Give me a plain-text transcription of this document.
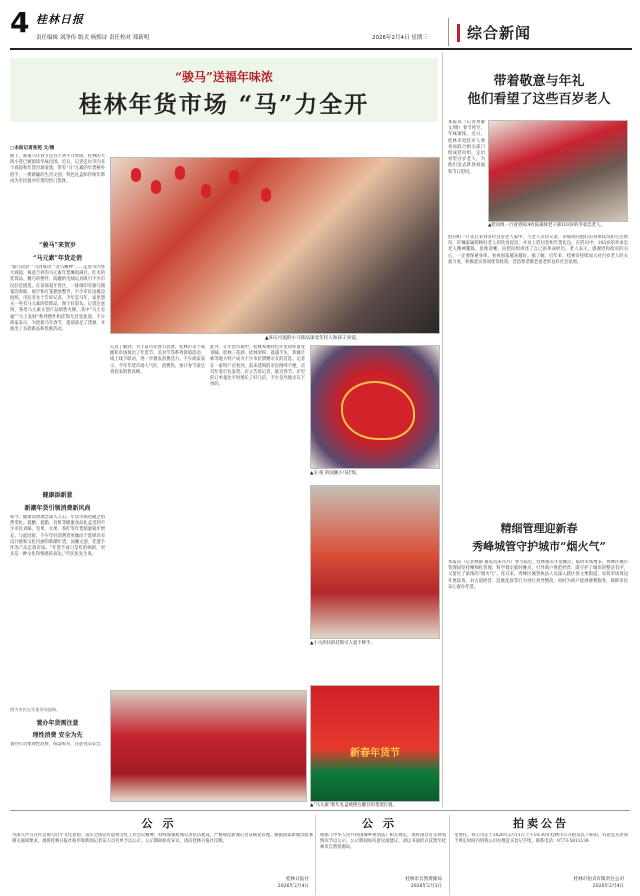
4 桂林日报
责任编辑 刘净传 版式 杨熙诗 责任校对 郑新明	2026年2月4日 星期三	综合新闻
“骏马”送福年味浓
桂林年货市场 “马”力全开
□本报记者张苑 文/摄
眼下，距离马年春节还有不到半月时间，桂林的大街小巷已被浓浓年味包围。近日，记者走访市内多个商超和年货市场发现，带有“马”元素的年货格外抢手，一批新颖的生肖文创、特色礼盒和传统年饰成为市民置办年货的热门选择。
“骏马”来贺岁
“马元素”年货走俏
“骏马贺岁”“马到成功”“龙马精神”……走进市内各大商超，寓意吉祥的马元素年货琳琅满目，红火的装饰品、精巧的摆件、萌趣的毛绒玩具吸引不少市民驻足挑选。在某商超年货区，一排排印有骏马图案的春联、福字和灯笼摆放整齐，不少市民边挑边拍照。市民李女士告诉记者，今年是马年，家里想买一些有马元素的装饰品，图个好彩头。记者注意到，各类马元素文创产品销售火爆，其中“马上有福”“马上发财”系列摆件和挂饰尤其受欢迎。不少商家表示，为迎接马年春节，提前备足了货源，并推出了多款新品和优惠活动。
健康添新意
新潮年货引领消费新风尚
如今，健康消费理念深入人心，年货市场也随之悄然变化。低糖、低脂、有机等健康食品礼盒受到不少市民青睐，坚果、水果、茶叶等年货销量稳步增长。与此同时，不少年轻消费者更倾向于选择具有设计感和文化内涵的新潮年货，国潮文创、非遗手作等产品走俏市场。“年货不再只是吃的喝的，更多是一种文化和情感的表达。”市民张先生说。
图为市民在年货市场选购。
置办年货需注意
理性消费 安全为先
置办年货要理性消费、按需购买，注意食品安全。
▲喜庆可爱的小马饰品深受年轻人和孩子喜爱。
记者了解到，为丰富市民春节消费，桂林市多个商圈和市场推出了年货节、美食节等系列促销活动，线上线下联动，进一步激发消费活力。不少商家表示，今年年货市场人气旺、消费热，预计春节前还将迎来销售高峰。
此外，在年货市场中，桂林本地特色年货同样备受青睐。桂林三花酒、桂林米粉、荔浦芋头、恭城月柿等地方特产成为不少市民馈赠亲友的首选。记者在一家特产店看到，前来选购的市民络绎不绝，店员忙着打包发货。店主告诉记者，临近春节，店里的订单量比平时增长了好几倍，不少是外地亲友下单的。
▲吴 萌 的国潮小马挂饰。
▲小马形状的挂饰引人爱不释手。
新春年货节
▲“马元素”新年礼盒被摆在醒目的货架位置。
带着敬意与年礼
他们看望了这些百岁老人
本报讯（记者黄静 文/摄）春节将至，年味渐浓。近日，桂林市退役军人事务局联合相关部门组成慰问组，走访看望百岁老人，为他们送去新春祝福和节日慰问。
▲慰问组一行看望924医院离休老干部103岁的李承忠老人。
慰问组一行先后来到多位百岁老人家中，与老人亲切交谈，详细询问他们的身体状况和生活情况，叮嘱家属照顾好老人的饮食起居，并送上慰问金和年货礼包。在慰问中，103岁的李承忠老人精神矍铄，思维清晰，向慰问组讲述了自己的革命经历。老人表示，感谢党和政府的关心，一定要保重身体，看看国家越来越好。据了解，近年来，桂林市持续加大对百岁老人的关爱力度，积极落实各项优待政策，营造尊老敬老爱老的良好社会氛围。
精细管理迎新春
秀峰城管守护城市“烟火气”
本报讯（记者林静 通讯员朱丹丹）春节临近，桂林街头年货摊点、临时市场增多，秀峰区城市管理局坚持精细化管理，科学划定临时摊点，引导商户规范经营，既守护了城市的整洁有序，又留住了浓浓的“烟火气”。连日来，秀峰区城管执法人员深入辖区各主要街道、农贸市场周边开展巡查，对占道经营、乱堆乱放等行为进行劝导整改，同时为商户提供便利服务，保障市民安心置办年货。
公示
为深入学习宣传贯彻习近平文化思想，落实全国宣传思想文化工作会议精神，持续加强新闻记者队伍建设，严格规范新闻记者证核发管理，根据国家新闻出版署相关通知要求，现将桂林日报社拟申领新闻记者证人员名单予以公示。公示期间如有异议，请向桂林日报社反映。
桂林日报社
2026年2月4日
公示
根据《中华人民共和国城乡规划法》相关规定，现将项目有关规划情况予以公示，公示期间如有意见或建议，请以书面形式反馈至桂林市自然资源局。
桂林市自然资源局
2026年2月3日
拍卖公告
受委托，我公司定于2026年2月11日上午10:30在桂林市公开拍卖以下标的，有意竞买者请于规定时间内到我公司办理竞买登记手续。联系电话：0773-5811136
桂林市拍卖有限责任公司
2026年2月4日
